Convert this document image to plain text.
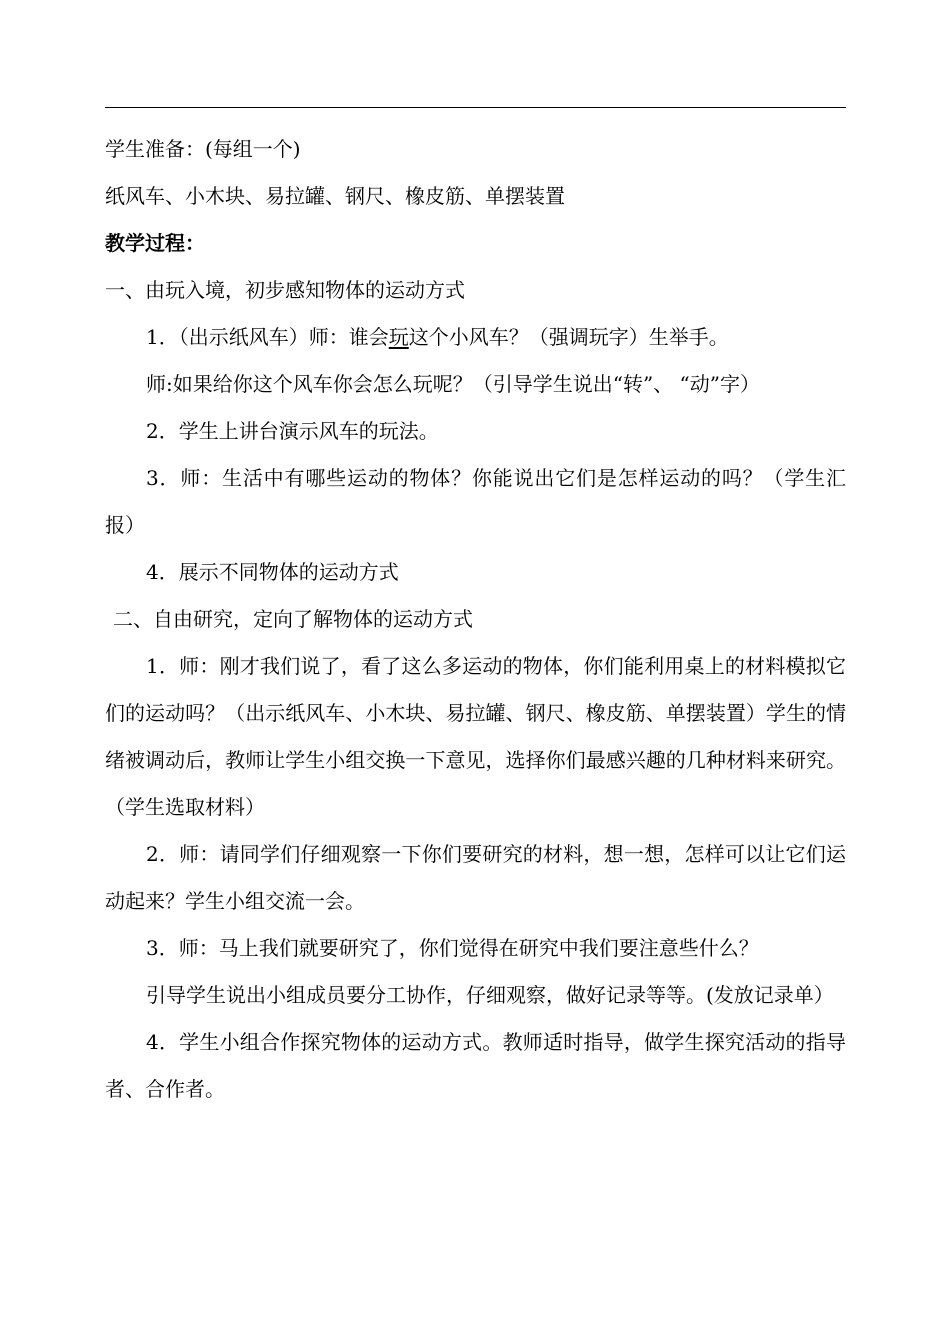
学生准备：(每组一个)

纸风车、小木块、易拉罐、钢尺、橡皮筋、单摆装置

教学过程：

一、由玩入境，初步感知物体的运动方式

1．（出示纸风车）师：谁会玩这个小风车？（强调玩字）生举手。

师:如果给你这个风车你会怎么玩呢？（引导学生说出“转”、 “动”字）

2．学生上讲台演示风车的玩法。

3．师：生活中有哪些运动的物体？你能说出它们是怎样运动的吗？（学生汇报）

4．展示不同物体的运动方式

二、自由研究，定向了解物体的运动方式

1．师：刚才我们说了，看了这么多运动的物体，你们能利用桌上的材料模拟它们的运动吗？（出示纸风车、小木块、易拉罐、钢尺、橡皮筋、单摆装置）学生的情绪被调动后，教师让学生小组交换一下意见，选择你们最感兴趣的几种材料来研究。（学生选取材料）

2．师：请同学们仔细观察一下你们要研究的材料，想一想，怎样可以让它们运动起来？学生小组交流一会。

3．师：马上我们就要研究了，你们觉得在研究中我们要注意些什么？

引导学生说出小组成员要分工协作，仔细观察，做好记录等等。(发放记录单）

4．学生小组合作探究物体的运动方式。教师适时指导，做学生探究活动的指导者、合作者。
